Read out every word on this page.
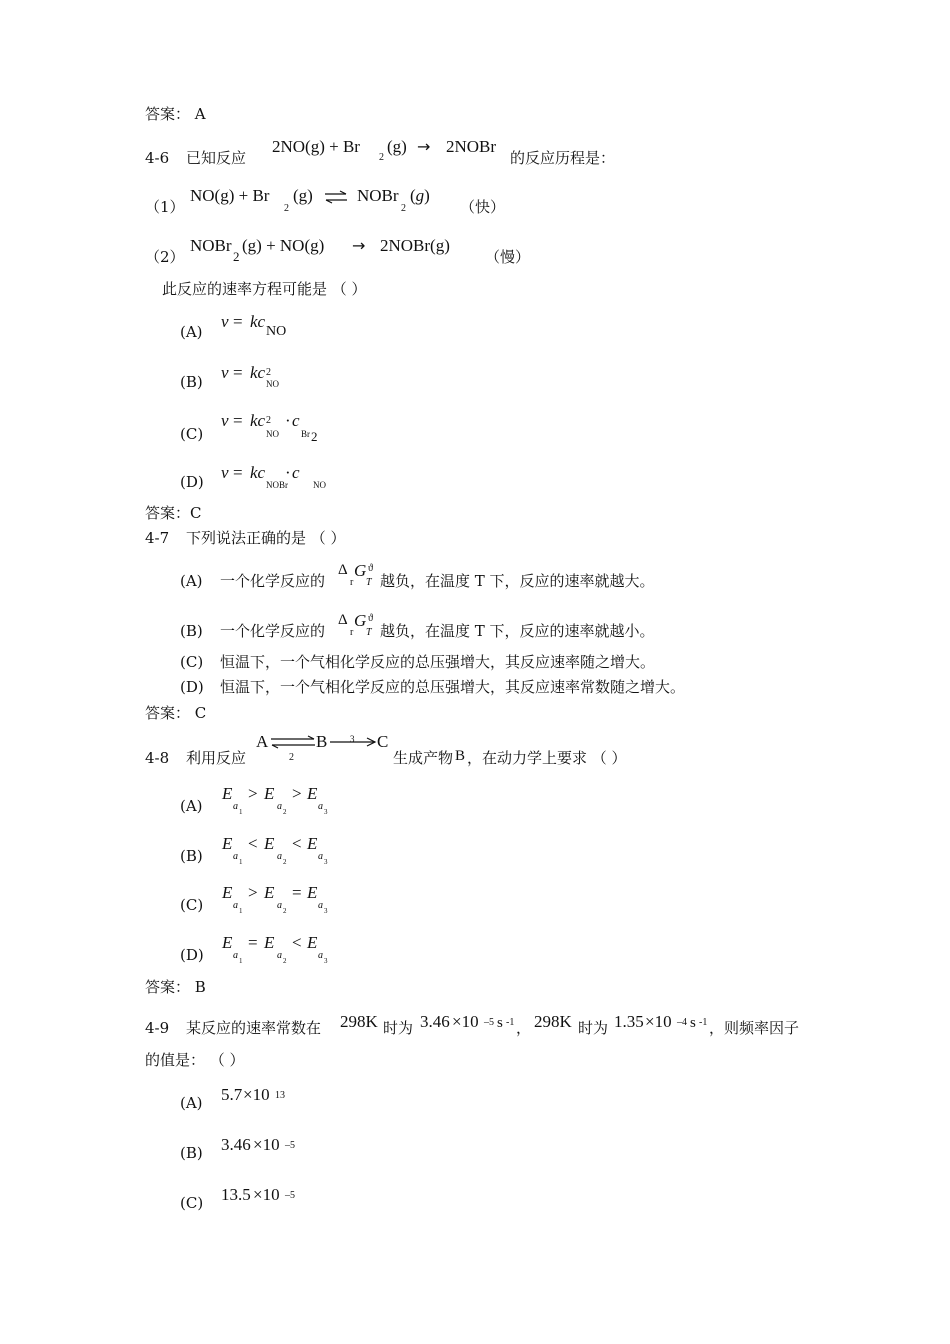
答案： A
4-6 已知反应
2NO(g) + Br
2
(g) → 2NOBr
的反应历程是：
（1）
NO(g) + Br
2
(g) ⇌ NOBr
2
(g)
（快）
（2）
NOBr
2
(g) + NO(g) → 2NOBr(g)
（慢）
此反应的速率方程可能是 （ ）
(A)
v = kc
NO
(B) v = kc 2
NO
(C)
v = kc 2
NO
· c
Br 2
(D) v = kc
NOBr
· c
NO
答案：C
4-7 下列说法正确的是 （ ）
(A) 一个化学反应的
Δ G ϑ
r T 越负，在温度 T 下，反应的速率就越大。
(B) 一个化学反应的
Δ G ϑ
r T 越负，在温度 T 下，反应的速率就越小。
(C) 恒温下，一个气相化学反应的总压强增大，其反应速率随之增大。
(D) 恒温下，一个气相化学反应的总压强增大，其反应速率常数随之增大。
答案： C
4-8 利用反应
A ⇌
2
B	3 C
生成产物 B ，在动力学上要求 （ ）
(A)
E
a 1
> E
a 2
> E
a 3
(B)
E
a 1
< E
a 2
< E
a 3
(C)
E
a 1
> E
a 2
= E
a 3
(D)
E
a 1
= E
a 2
< E
a 3
答案： B
4-9 某反应的速率常数在 298K 时为 3.46 ×10 –5 s -1 ， 298K 时为 1.35 ×10 –4 s -1 ，则频率因子
的值是： （ ）
(A) 5.7 ×10 13
(B) 3.46 ×10 –5
(C) 13.5 ×10 –5
